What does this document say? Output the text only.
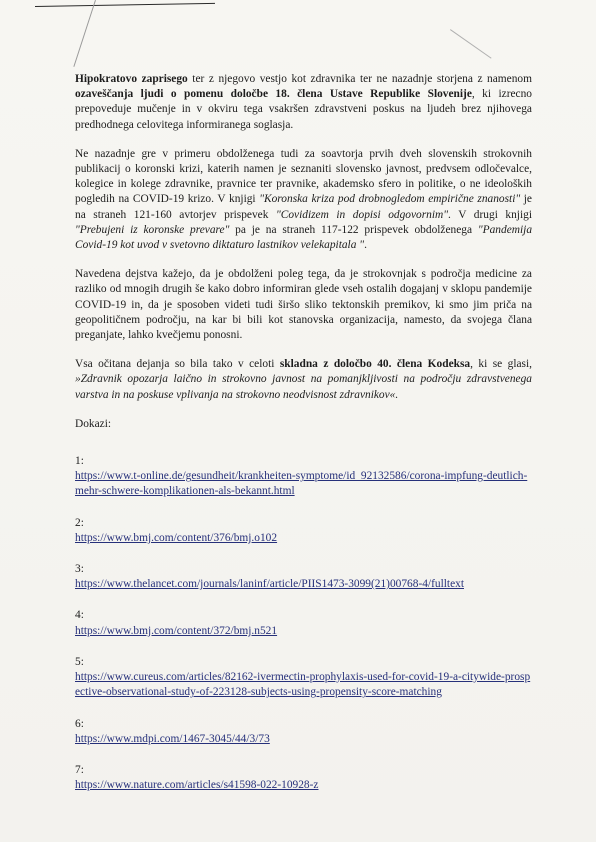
Hipokratovo zaprisego ter z njegovo vestjo kot zdravnika ter ne nazadnje storjena z namenom ozaveščanja ljudi o pomenu določbe 18. člena Ustave Republike Slovenije, ki izrecno prepoveduje mučenje in v okviru tega vsakršen zdravstveni poskus na ljudeh brez njihovega predhodnega celovitega informiranega soglasja.

Ne nazadnje gre v primeru obdolženega tudi za soavtorja prvih dveh slovenskih strokovnih publikacij o koronski krizi, katerih namen je seznaniti slovensko javnost, predvsem odločevalce, kolegice in kolege zdravnike, pravnice ter pravnike, akademsko sfero in politike, o ne ideoloških pogledih na COVID-19 krizo. V knjigi "Koronska kriza pod drobnogledom empirične znanosti" je na straneh 121-160 avtorjev prispevek "Covidizem in dopisi odgovornim". V drugi knjigi "Prebujeni iz koronske prevare" pa je na straneh 117-122 prispevek obdolženega "Pandemija Covid-19 kot uvod v svetovno diktaturo lastnikov velekapitala ".

Navedena dejstva kažejo, da je obdolženi poleg tega, da je strokovnjak s področja medicine za razliko od mnogih drugih še kako dobro informiran glede vseh ostalih dogajanj v sklopu pandemije COVID-19 in, da je sposoben videti tudi širšo sliko tektonskih premikov, ki smo jim priča na geopolitičnem področju, na kar bi bili kot stanovska organizacija, namesto, da svojega člana preganjate, lahko kvečjemu ponosni.

Vsa očitana dejanja so bila tako v celoti skladna z določbo 40. člena Kodeksa, ki se glasi, »Zdravnik opozarja laično in strokovno javnost na pomanjkljivosti na področju zdravstvenega varstva in na poskuse vplivanja na strokovno neodvisnost zdravnikov«.

Dokazi:
1:
https://www.t-online.de/gesundheit/krankheiten-symptome/id_92132586/corona-impfung-deutlich-mehr-schwere-komplikationen-als-bekannt.html
2:
https://www.bmj.com/content/376/bmj.o102
3:
https://www.thelancet.com/journals/laninf/article/PIIS1473-3099(21)00768-4/fulltext
4:
https://www.bmj.com/content/372/bmj.n521
5:
https://www.cureus.com/articles/82162-ivermectin-prophylaxis-used-for-covid-19-a-citywide-prospective-observational-study-of-223128-subjects-using-propensity-score-matching
6:
https://www.mdpi.com/1467-3045/44/3/73
7:
https://www.nature.com/articles/s41598-022-10928-z
